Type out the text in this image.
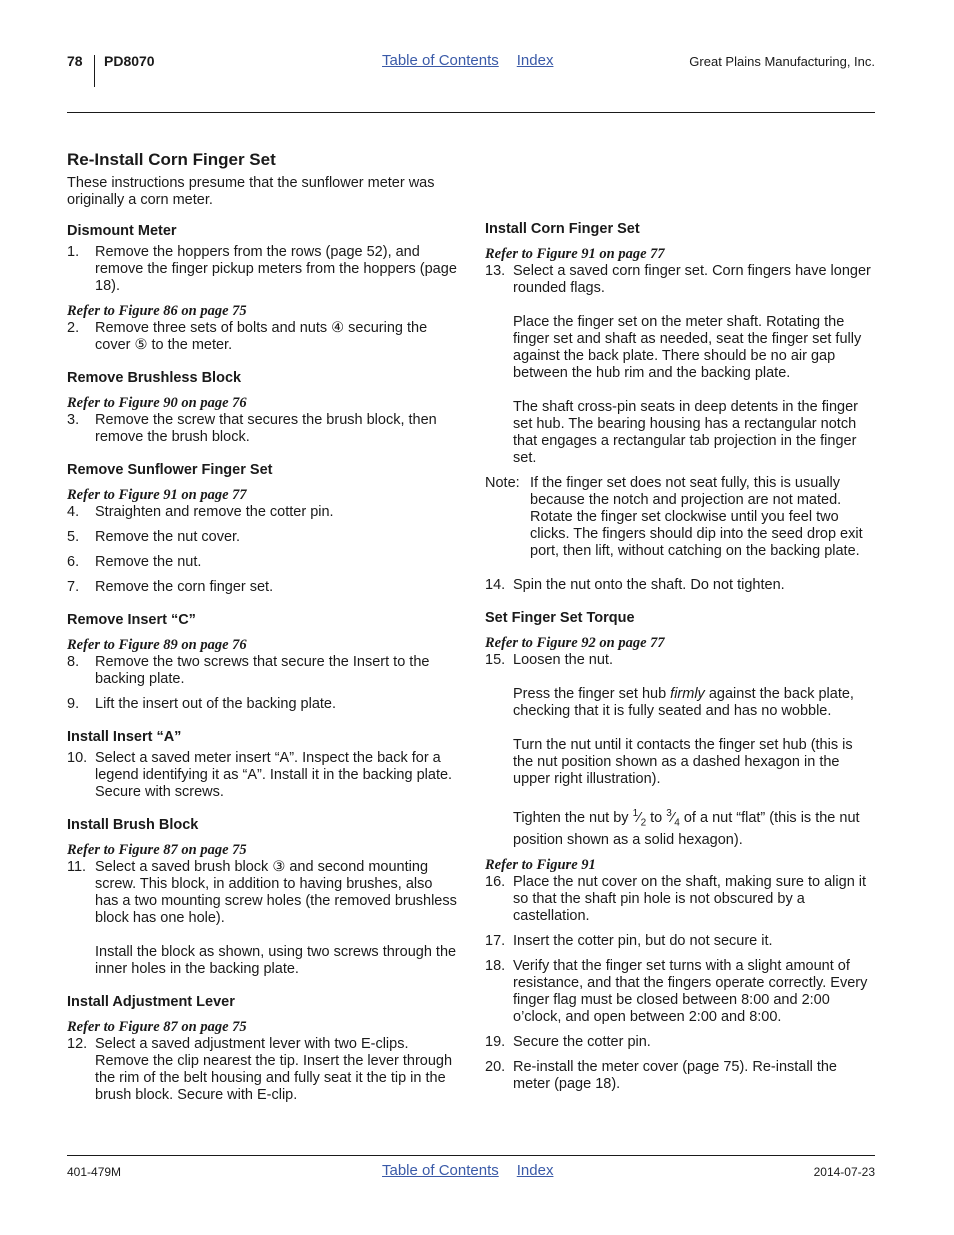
78 PD8070	Table of Contents Index	Great Plains Manufacturing, Inc.
Re-Install Corn Finger Set

These instructions presume that the sunflower meter was originally a corn meter.

Dismount Meter
1.	Remove the hoppers from the rows (page 52), and remove the finger pickup meters from the hoppers (page 18).

Refer to Figure 86 on page 75

2.	Remove three sets of bolts and nuts ④ securing the cover ⑤ to the meter.
Remove Brushless Block

Refer to Figure 90 on page 76

3.	Remove the screw that secures the brush block, then remove the brush block.
Remove Sunflower Finger Set

Refer to Figure 91 on page 77

4.	Straighten and remove the cotter pin.
5.	Remove the nut cover.
6.	Remove the nut.
7.	Remove the corn finger set.
Remove Insert “C”

Refer to Figure 89 on page 76

8.	Remove the two screws that secure the Insert to the backing plate.
9.	Lift the insert out of the backing plate.
Install Insert “A”
10. Select a saved meter insert “A”. Inspect the back for a legend identifying it as “A”. Install it in the backing plate. Secure with screws.
Install Brush Block

Refer to Figure 87 on page 75

11. Select a saved brush block ③ and second mounting screw. This block, in addition to having brushes, also has a two mounting screw holes (the removed brushless block has one hole).

Install the block as shown, using two screws through the inner holes in the backing plate.

Install Adjustment Lever

Refer to Figure 87 on page 75

12. Select a saved adjustment lever with two E-clips. Remove the clip nearest the tip. Insert the lever through the rim of the belt housing and fully seat it the tip in the brush block. Secure with E-clip.
Install Corn Finger Set

Refer to Figure 91 on page 77

13. Select a saved corn finger set. Corn fingers have longer rounded flags.

Place the finger set on the meter shaft. Rotating the finger set and shaft as needed, seat the finger set fully against the back plate. There should be no air gap between the hub rim and the backing plate.

The shaft cross-pin seats in deep detents in the finger set hub. The bearing housing has a rectangular notch that engages a rectangular tab projection in the finger set.

Note: If the finger set does not seat fully, this is usually because the notch and projection are not mated. Rotate the finger set clockwise until you feel two clicks. The fingers should dip into the seed drop exit port, then lift, without catching on the backing plate.
14. Spin the nut onto the shaft. Do not tighten.
Set Finger Set Torque

Refer to Figure 92 on page 77

15. Loosen the nut.

Press the finger set hub firmly against the back plate, checking that it is fully seated and has no wobble.

Turn the nut until it contacts the finger set hub (this is the nut position shown as a dashed hexagon in the upper right illustration).

Tighten the nut by $^1⁄_2$ to $^3⁄_4$ of a nut “flat” (this is the nut position shown as a solid hexagon).

Refer to Figure 91

16. Place the nut cover on the shaft, making sure to align it so that the shaft pin hole is not obscured by a castellation.
17. Insert the cotter pin, but do not secure it.
18. Verify that the finger set turns with a slight amount of resistance, and that the fingers operate correctly. Every finger flag must be closed between 8:00 and 2:00 o’clock, and open between 2:00 and 8:00.
19. Secure the cotter pin.
20. Re-install the meter cover (page 75). Re-install the meter (page 18).
401-479M	Table of Contents Index	2014-07-23
